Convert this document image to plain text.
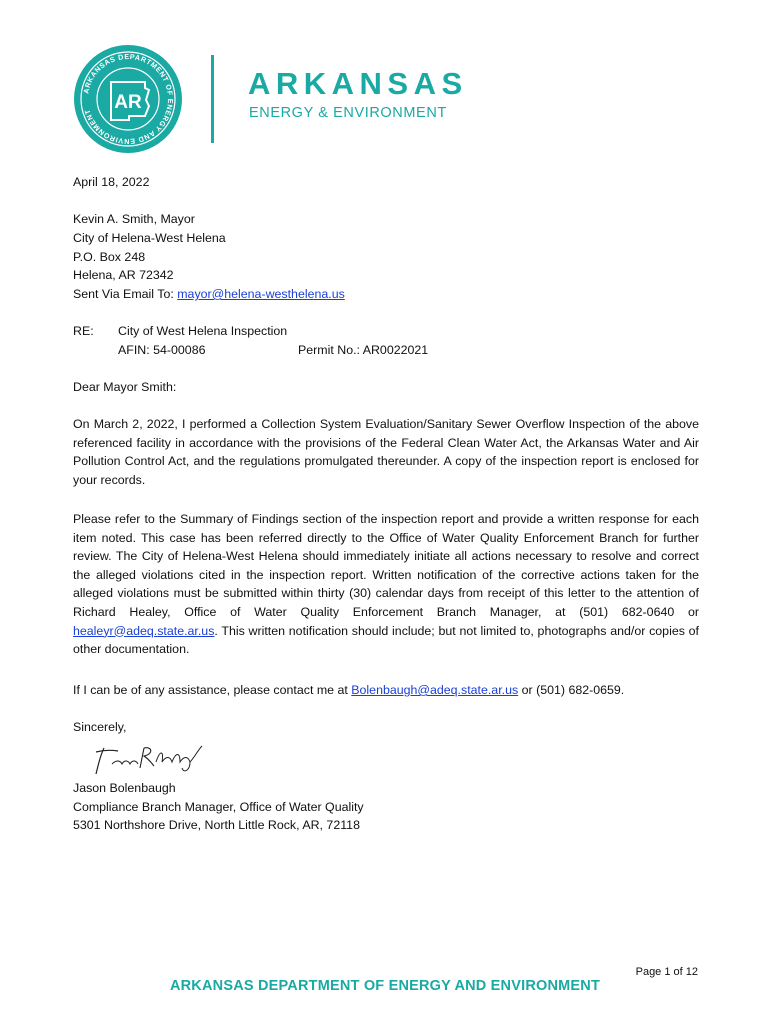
ARKANSAS DEPARTMENT OF ENERGY AND ENVIRONMENT	AR
ARKANSAS
ENERGY & ENVIRONMENT
April 18, 2022
Kevin A. Smith, Mayor
City of Helena-West Helena
P.O. Box 248
Helena, AR 72342
Sent Via Email To: mayor@helena-westhelena.us
RE: City of West Helena Inspection
AFIN: 54-00086	Permit No.: AR0022021
Dear Mayor Smith:
On March 2, 2022, I performed a Collection System Evaluation/Sanitary Sewer Overflow Inspection of the above referenced facility in accordance with the provisions of the Federal Clean Water Act, the Arkansas Water and Air Pollution Control Act, and the regulations promulgated thereunder. A copy of the inspection report is enclosed for your records.
Please refer to the Summary of Findings section of the inspection report and provide a written response for each item noted. This case has been referred directly to the Office of Water Quality Enforcement Branch for further review. The City of Helena-West Helena should immediately initiate all actions necessary to resolve and correct the alleged violations cited in the inspection report. Written notification of the corrective actions taken for the alleged violations must be submitted within thirty (30) calendar days from receipt of this letter to the attention of Richard Healey, Office of Water Quality Enforcement Branch Manager, at (501) 682-0640 or healeyr@adeq.state.ar.us. This written notification should include; but not limited to, photographs and/or copies of other documentation.
If I can be of any assistance, please contact me at Bolenbaugh@adeq.state.ar.us or (501) 682-0659.
Sincerely,
Jason Bolenbaugh
Compliance Branch Manager, Office of Water Quality
5301 Northshore Drive, North Little Rock, AR, 72118
Page 1 of 12
ARKANSAS DEPARTMENT OF ENERGY AND ENVIRONMENT
